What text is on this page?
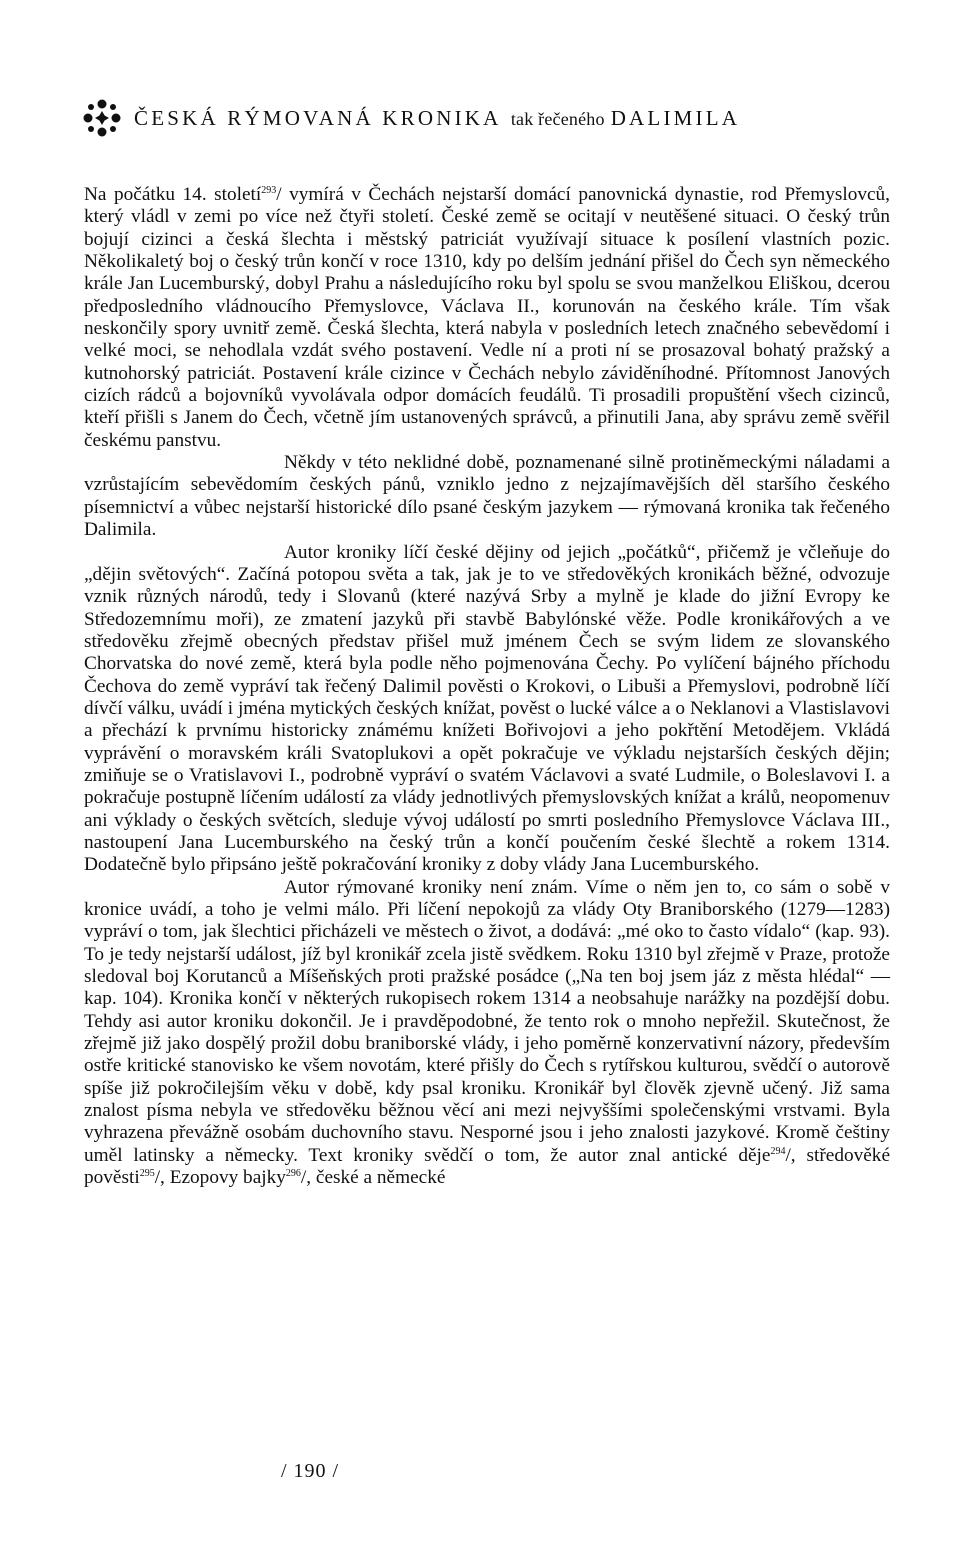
ČESKÁ RÝMOVANÁ KRONIKA tak řečeného DALIMILA

Na počátku 14. století$^{293}$/ vymírá v Čechách nejstarší domácí panovnická dynastie, rod Přemyslovců, který vládl v zemi po více než čtyři století. České země se ocitají v neutěšené situaci. O český trůn bojují cizinci a česká šlechta i městský patriciát využívají situace k posílení vlastních pozic. Několikaletý boj o český trůn končí v roce 1310, kdy po delším jednání přišel do Čech syn německého krále Jan Lucemburský, dobyl Prahu a následujícího roku byl spolu se svou manželkou Eliškou, dcerou předposledního vládnoucího Přemyslovce, Václava II., korunován na českého krále. Tím však neskončily spory uvnitř země. Česká šlechta, která nabyla v posledních letech značného sebevědomí i velké moci, se nehodlala vzdát svého postavení. Vedle ní a proti ní se prosazoval bohatý pražský a kutnohorský patriciát. Postavení krále cizince v Čechách nebylo záviděníhodné. Přítomnost Janových cizích rádců a bojovníků vyvolávala odpor domácích feudálů. Ti prosadili propuštění všech cizinců, kteří přišli s Janem do Čech, včetně jím ustanovených správců, a přinutili Jana, aby správu země svěřil českému panstvu.

Někdy v této neklidné době, poznamenané silně protiněmeckými náladami a vzrůstajícím sebevědomím českých pánů, vzniklo jedno z nejzajímavějších děl staršího českého písemnictví a vůbec nejstarší historické dílo psané českým jazykem — rýmovaná kronika tak řečeného Dalimila.

Autor kroniky líčí české dějiny od jejich „počátků“, přičemž je včleňuje do „dějin světových“. Začíná potopou světa a tak, jak je to ve středověkých kronikách běžné, odvozuje vznik různých národů, tedy i Slovanů (které nazývá Srby a mylně je klade do jižní Evropy ke Středozemnímu moři), ze zmatení jazyků při stavbě Babylónské věže. Podle kronikářových a ve středověku zřejmě obecných představ přišel muž jménem Čech se svým lidem ze slovanského Chorvatska do nové země, která byla podle něho pojmenována Čechy. Po vylíčení bájného příchodu Čechova do země vypráví tak řečený Dalimil pověsti o Krokovi, o Libuši a Přemyslovi, podrobně líčí dívčí válku, uvádí i jména mytických českých knížat, pověst o lucké válce a o Neklanovi a Vlastislavovi a přechází k prvnímu historicky známému knížeti Bořivojovi a jeho pokřtění Metodějem. Vkládá vyprávění o moravském králi Svatoplukovi a opět pokračuje ve výkladu nejstarších českých dějin; zmiňuje se o Vratislavovi I., podrobně vypráví o svatém Václavovi a svaté Ludmile, o Boleslavovi I. a pokračuje postupně líčením událostí za vlády jednotlivých přemyslovských knížat a králů, neopomenuv ani výklady o českých světcích, sleduje vývoj událostí po smrti posledního Přemyslovce Václava III., nastoupení Jana Lucemburského na český trůn a končí poučením české šlechtě a rokem 1314. Dodatečně bylo připsáno ještě pokračování kroniky z doby vlády Jana Lucemburského.

Autor rýmované kroniky není znám. Víme o něm jen to, co sám o sobě v kronice uvádí, a toho je velmi málo. Při líčení nepokojů za vlády Oty Braniborského (1279—1283) vypráví o tom, jak šlechtici přicházeli ve městech o život, a dodává: „mé oko to často vídalo“ (kap. 93). To je tedy nejstarší událost, jíž byl kronikář zcela jistě svědkem. Roku 1310 byl zřejmě v Praze, protože sledoval boj Korutanců a Míšeňských proti pražské posádce („Na ten boj jsem jáz z města hlédal“ — kap. 104). Kronika končí v některých rukopisech rokem 1314 a neobsahuje narážky na pozdější dobu. Tehdy asi autor kroniku dokončil. Je i pravděpodobné, že tento rok o mnoho nepřežil. Skutečnost, že zřejmě již jako dospělý prožil dobu braniborské vlády, i jeho poměrně konzervativní názory, především ostře kritické stanovisko ke všem novotám, které přišly do Čech s rytířskou kulturou, svědčí o autorově spíše již pokročilejším věku v době, kdy psal kroniku. Kronikář byl člověk zjevně učený. Již sama znalost písma nebyla ve středověku běžnou věcí ani mezi nejvyššími společenskými vrstvami. Byla vyhrazena převážně osobám duchovního stavu. Nesporné jsou i jeho znalosti jazykové. Kromě češtiny uměl latinsky a německy. Text kroniky svědčí o tom, že autor znal antické děje$^{294}$/, středověké pověsti$^{295}$/, Ezopovy bajky$^{296}$/, české a německé

/ 190 /
